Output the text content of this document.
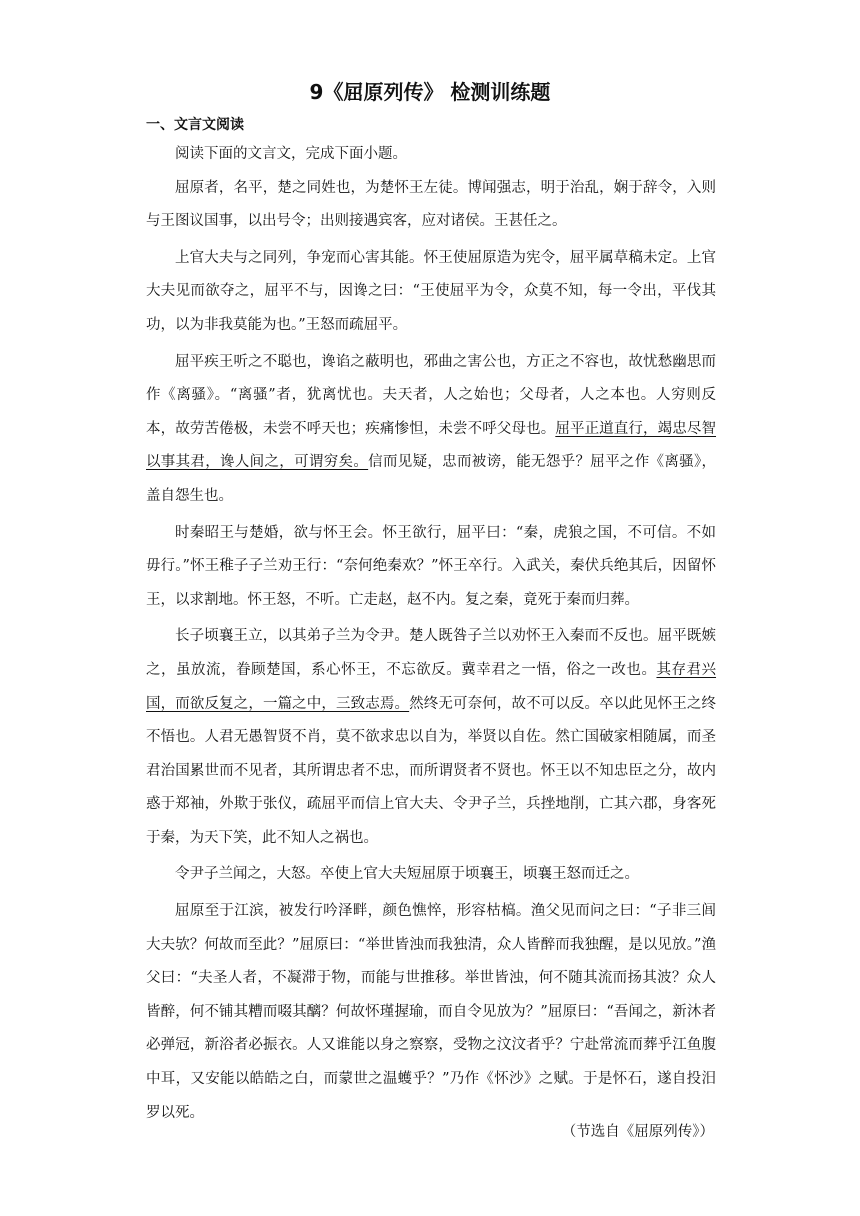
9《屈原列传》 检测训练题
一、文言文阅读

阅读下面的文言文，完成下面小题。

屈原者，名平，楚之同姓也，为楚怀王左徒。博闻强志，明于治乱，娴于辞令，入则与王图议国事，以出号令；出则接遇宾客，应对诸侯。王甚任之。

上官大夫与之同列，争宠而心害其能。怀王使屈原造为宪令，屈平属草稿未定。上官大夫见而欲夺之，屈平不与，因谗之曰：“王使屈平为令，众莫不知，每一令出，平伐其功，以为非我莫能为也。”王怒而疏屈平。

屈平疾王听之不聪也，谗谄之蔽明也，邪曲之害公也，方正之不容也，故忧愁幽思而作《离骚》。“离骚”者，犹离忧也。夫天者，人之始也；父母者，人之本也。人穷则反本，故劳苦倦极，未尝不呼天也；疾痛惨怛，未尝不呼父母也。屈平正道直行，竭忠尽智以事其君，谗人间之，可谓穷矣。信而见疑，忠而被谤，能无怨乎？屈平之作《离骚》，盖自怨生也。

时秦昭王与楚婚，欲与怀王会。怀王欲行，屈平曰：“秦，虎狼之国，不可信。不如毋行。”怀王稚子子兰劝王行：“奈何绝秦欢？”怀王卒行。入武关，秦伏兵绝其后，因留怀王，以求割地。怀王怒，不听。亡走赵，赵不内。复之秦，竟死于秦而归葬。

长子顷襄王立，以其弟子兰为令尹。楚人既咎子兰以劝怀王入秦而不反也。屈平既嫉之，虽放流，眷顾楚国，系心怀王，不忘欲反。冀幸君之一悟，俗之一改也。其存君兴国，而欲反复之，一篇之中，三致志焉。然终无可奈何，故不可以反。卒以此见怀王之终不悟也。人君无愚智贤不肖，莫不欲求忠以自为，举贤以自佐。然亡国破家相随属，而圣君治国累世而不见者，其所谓忠者不忠，而所谓贤者不贤也。怀王以不知忠臣之分，故内惑于郑袖，外欺于张仪，疏屈平而信上官大夫、令尹子兰，兵挫地削，亡其六郡，身客死于秦，为天下笑，此不知人之祸也。

令尹子兰闻之，大怒。卒使上官大夫短屈原于顷襄王，顷襄王怒而迁之。

屈原至于江滨，被发行吟泽畔，颜色憔悴，形容枯槁。渔父见而问之曰：“子非三闾大夫欤？何故而至此？”屈原曰：“举世皆浊而我独清，众人皆醉而我独醒，是以见放。”渔父曰：“夫圣人者，不凝滞于物，而能与世推移。举世皆浊，何不随其流而扬其波？众人皆醉，何不铺其糟而啜其醨？何故怀瑾握瑜，而自令见放为？”屈原曰：“吾闻之，新沐者必弹冠，新浴者必振衣。人又谁能以身之察察，受物之汶汶者乎？宁赴常流而葬乎江鱼腹中耳，又安能以皓皓之白，而蒙世之温蠖乎？”乃作《怀沙》之赋。于是怀石，遂自投汨罗以死。

（节选自《屈原列传》）
